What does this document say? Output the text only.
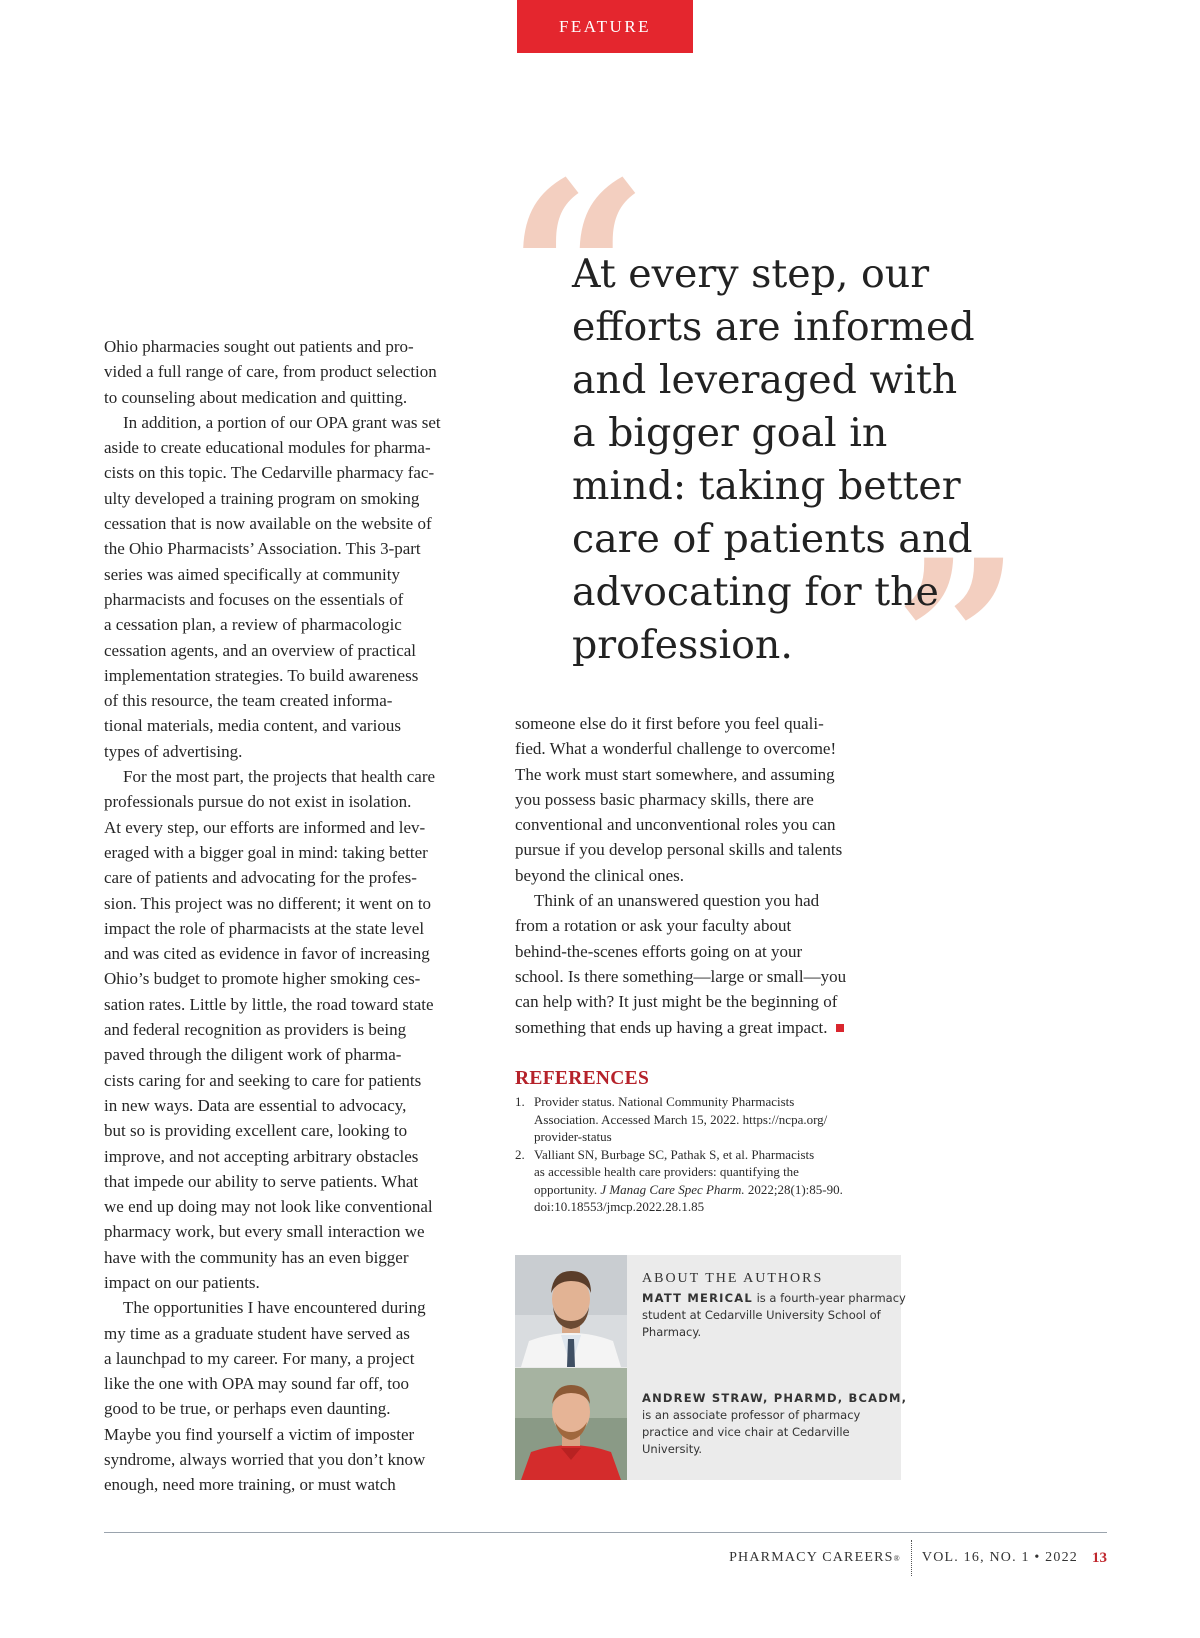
FEATURE
“
”
At every step, our
efforts are informed
and leveraged with
a bigger goal in
mind: taking better
care of patients and
advocating for the
profession.
Ohio pharmacies sought out patients and pro-
vided a full range of care, from product selection
to counseling about medication and quitting.
In addition, a portion of our OPA grant was set
aside to create educational modules for pharma-
cists on this topic. The Cedarville pharmacy fac-
ulty developed a training program on smoking
cessation that is now available on the website of
the Ohio Pharmacists’ Association. This 3-part
series was aimed specifically at community
pharmacists and focuses on the essentials of
a cessation plan, a review of pharmacologic
cessation agents, and an overview of practical
implementation strategies. To build awareness
of this resource, the team created informa-
tional materials, media content, and various
types of advertising.
For the most part, the projects that health care
professionals pursue do not exist in isolation.
At every step, our efforts are informed and lev-
eraged with a bigger goal in mind: taking better
care of patients and advocating for the profes-
sion. This project was no different; it went on to
impact the role of pharmacists at the state level
and was cited as evidence in favor of increasing
Ohio’s budget to promote higher smoking ces-
sation rates. Little by little, the road toward state
and federal recognition as providers is being
paved through the diligent work of pharma-
cists caring for and seeking to care for patients
in new ways. Data are essential to advocacy,
but so is providing excellent care, looking to
improve, and not accepting arbitrary obstacles
that impede our ability to serve patients. What
we end up doing may not look like conventional
pharmacy work, but every small interaction we
have with the community has an even bigger
impact on our patients.
The opportunities I have encountered during
my time as a graduate student have served as
a launchpad to my career. For many, a project
like the one with OPA may sound far off, too
good to be true, or perhaps even daunting.
Maybe you find yourself a victim of imposter
syndrome, always worried that you don’t know
enough, need more training, or must watch
someone else do it first before you feel quali-
fied. What a wonderful challenge to overcome!
The work must start somewhere, and assuming
you possess basic pharmacy skills, there are
conventional and unconventional roles you can
pursue if you develop personal skills and talents
beyond the clinical ones.
Think of an unanswered question you had
from a rotation or ask your faculty about
behind-the-scenes efforts going on at your
school. Is there something—large or small—you
can help with? It just might be the beginning of
something that ends up having a great impact.
REFERENCES
1. Provider status. National Community Pharmacists
Association. Accessed March 15, 2022. https://ncpa.org/
provider-status
2. Valliant SN, Burbage SC, Pathak S, et al. Pharmacists
as accessible health care providers: quantifying the
opportunity. J Manag Care Spec Pharm. 2022;28(1):85-90.
doi:10.18553/jmcp.2022.28.1.85
ABOUT THE AUTHORS
MATT MERICAL is a fourth-year pharmacy
student at Cedarville University School of
Pharmacy.
ANDREW STRAW, PHARMD, BCADM,
is an associate professor of pharmacy
practice and vice chair at Cedarville
University.
PHARMACY CAREERS ® VOL. 16, NO. 1 • 2022 13
